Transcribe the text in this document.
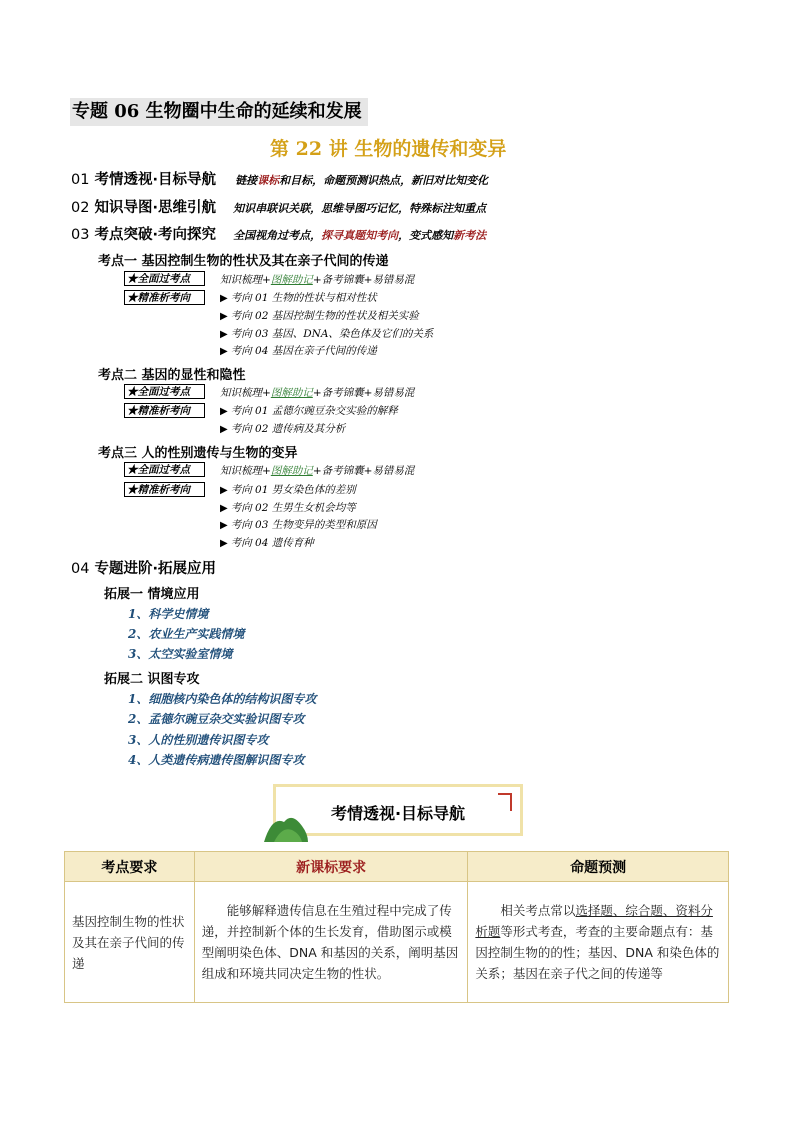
专题 06 生物圈中生命的延续和发展
第 22 讲 生物的遗传和变异
01 考情透视·目标导航 链接课标和目标，命题预测识热点，新旧对比知变化
02 知识导图·思维引航 知识串联识关联，思维导图巧记忆，特殊标注知重点
03 考点突破·考向探究 全国视角过考点，探寻真题知考向，变式感知新考法
考点一 基因控制生物的性状及其在亲子代间的传递
★全面过考点	知识梳理+图解助记+备考锦囊+易错易混
★精准析考向	▶ 考向 01 生物的性状与相对性状
▶ 考向 02 基因控制生物的性状及相关实验
▶ 考向 03 基因、DNA、染色体及它们的关系
▶ 考向 04 基因在亲子代间的传递
考点二 基因的显性和隐性
★全面过考点	知识梳理+图解助记+备考锦囊+易错易混
★精准析考向	▶ 考向 01 孟德尔豌豆杂交实验的解释
▶ 考向 02 遗传病及其分析
考点三 人的性别遗传与生物的变异
★全面过考点	知识梳理+图解助记+备考锦囊+易错易混
★精准析考向	▶ 考向 01 男女染色体的差别
▶ 考向 02 生男生女机会均等
▶ 考向 03 生物变异的类型和原因
▶ 考向 04 遗传育种
04 专题进阶·拓展应用
拓展一 情境应用
1、科学史情境
2、农业生产实践情境
3、太空实验室情境
拓展二 识图专攻
1、细胞核内染色体的结构识图专攻
2、孟德尔豌豆杂交实验识图专攻
3、人的性别遗传识图专攻
4、人类遗传病遗传图解识图专攻
考情透视·目标导航
考点要求	新课标要求	命题预测
基因控制生物的性状及其在亲子代间的传递	能够解释遗传信息在生殖过程中完成了传递，并控制新个体的生长发育，借助图示或模型阐明染色体、DNA 和基因的关系，阐明基因组成和环境共同决定生物的性状。	相关考点常以选择题、综合题、资料分析题等形式考查，考查的主要命题点有：基因控制生物的的性；基因、DNA 和染色体的关系；基因在亲子代之间的传递等
